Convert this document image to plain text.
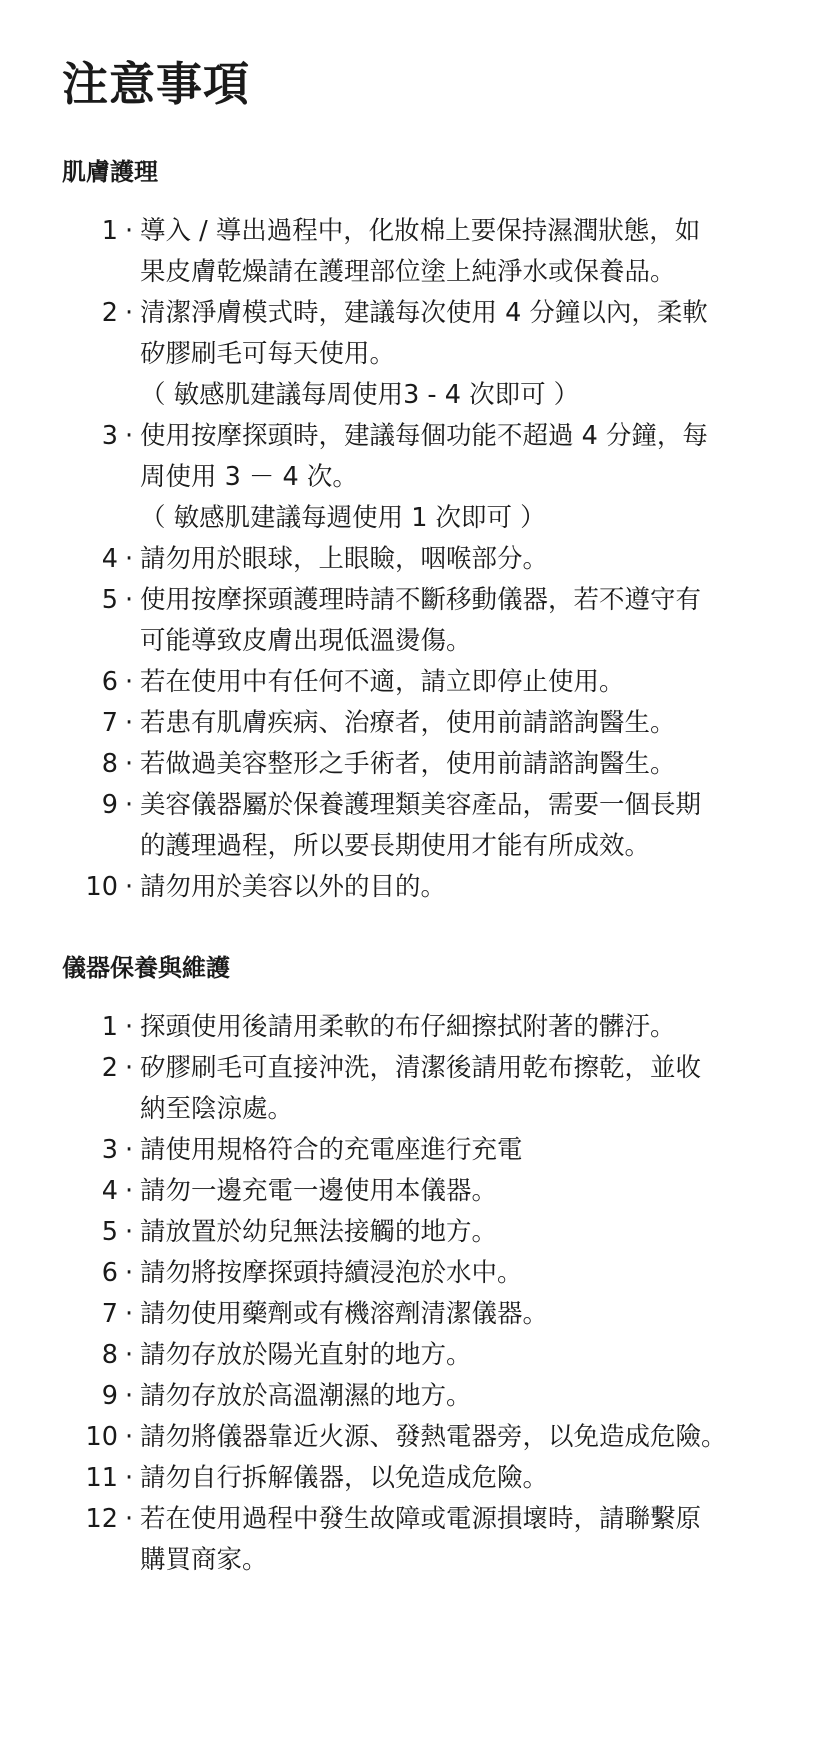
注意事項
肌膚護理
1 · 導入 / 導出過程中，化妝棉上要保持濕潤狀態，如
果皮膚乾燥請在護理部位塗上純淨水或保養品。
2 · 清潔淨膚模式時，建議每次使用 4 分鐘以內，柔軟
矽膠刷毛可每天使用。
（ 敏感肌建議每周使用3 - 4 次即可 ）
3 · 使用按摩探頭時，建議每個功能不超過 4 分鐘，每
周使用 3 － 4 次。
（ 敏感肌建議每週使用 1 次即可 ）
4 · 請勿用於眼球，上眼瞼，咽喉部分。
5 · 使用按摩探頭護理時請不斷移動儀器，若不遵守有
可能導致皮膚出現低溫燙傷。
6 · 若在使用中有任何不適，請立即停止使用。
7 · 若患有肌膚疾病、治療者，使用前請諮詢醫生。
8 · 若做過美容整形之手術者，使用前請諮詢醫生。
9 · 美容儀器屬於保養護理類美容產品，需要一個長期
的護理過程，所以要長期使用才能有所成效。
10 · 請勿用於美容以外的目的。
儀器保養與維護
1 · 探頭使用後請用柔軟的布仔細擦拭附著的髒汙。
2 · 矽膠刷毛可直接沖洗，清潔後請用乾布擦乾，並收
納至陰涼處。
3 · 請使用規格符合的充電座進行充電
4 · 請勿一邊充電一邊使用本儀器。
5 · 請放置於幼兒無法接觸的地方。
6 · 請勿將按摩探頭持續浸泡於水中。
7 · 請勿使用藥劑或有機溶劑清潔儀器。
8 · 請勿存放於陽光直射的地方。
9 · 請勿存放於高溫潮濕的地方。
10 · 請勿將儀器靠近火源、發熱電器旁，以免造成危險。
11 · 請勿自行拆解儀器，以免造成危險。
12 · 若在使用過程中發生故障或電源損壞時，請聯繫原
購買商家。
